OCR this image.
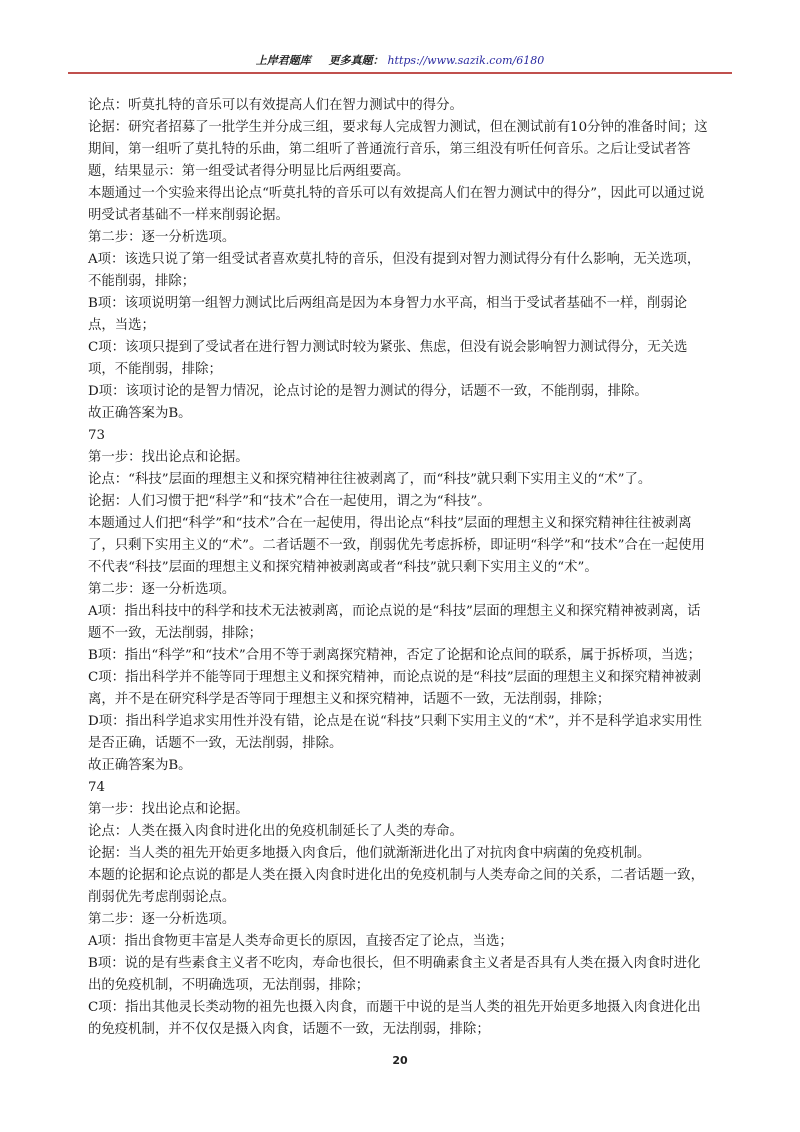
上岸君题库 更多真题： https://www.sazik.com/6180

论点：听莫扎特的音乐可以有效提高人们在智力测试中的得分。

论据：研究者招募了一批学生并分成三组，要求每人完成智力测试，但在测试前有10分钟的准备时间；这期间，第一组听了莫扎特的乐曲，第二组听了普通流行音乐，第三组没有听任何音乐。之后让受试者答题，结果显示：第一组受试者得分明显比后两组要高。

本题通过一个实验来得出论点“听莫扎特的音乐可以有效提高人们在智力测试中的得分”，因此可以通过说明受试者基础不一样来削弱论据。

第二步：逐一分析选项。

A项：该选只说了第一组受试者喜欢莫扎特的音乐，但没有提到对智力测试得分有什么影响，无关选项，不能削弱，排除；

B项：该项说明第一组智力测试比后两组高是因为本身智力水平高，相当于受试者基础不一样，削弱论点，当选；

C项：该项只提到了受试者在进行智力测试时较为紧张、焦虑，但没有说会影响智力测试得分，无关选项，不能削弱，排除；

D项：该项讨论的是智力情况，论点讨论的是智力测试的得分，话题不一致，不能削弱，排除。

故正确答案为B。

73

第一步：找出论点和论据。

论点：“科技”层面的理想主义和探究精神往往被剥离了，而“科技”就只剩下实用主义的“术”了。

论据：人们习惯于把“科学”和“技术”合在一起使用，谓之为“科技”。

本题通过人们把“科学”和“技术”合在一起使用，得出论点“科技”层面的理想主义和探究精神往往被剥离了，只剩下实用主义的“术”。二者话题不一致，削弱优先考虑拆桥，即证明“科学”和“技术”合在一起使用不代表“科技”层面的理想主义和探究精神被剥离或者“科技”就只剩下实用主义的“术”。

第二步：逐一分析选项。

A项：指出科技中的科学和技术无法被剥离，而论点说的是“科技”层面的理想主义和探究精神被剥离，话题不一致，无法削弱，排除；

B项：指出“科学”和“技术”合用不等于剥离探究精神，否定了论据和论点间的联系，属于拆桥项，当选；

C项：指出科学并不能等同于理想主义和探究精神，而论点说的是“科技”层面的理想主义和探究精神被剥离，并不是在研究科学是否等同于理想主义和探究精神，话题不一致，无法削弱，排除；

D项：指出科学追求实用性并没有错，论点是在说“科技”只剩下实用主义的“术”，并不是科学追求实用性是否正确，话题不一致，无法削弱，排除。

故正确答案为B。

74

第一步：找出论点和论据。

论点：人类在摄入肉食时进化出的免疫机制延长了人类的寿命。

论据：当人类的祖先开始更多地摄入肉食后，他们就渐渐进化出了对抗肉食中病菌的免疫机制。

本题的论据和论点说的都是人类在摄入肉食时进化出的免疫机制与人类寿命之间的关系，二者话题一致，削弱优先考虑削弱论点。

第二步：逐一分析选项。

A项：指出食物更丰富是人类寿命更长的原因，直接否定了论点，当选；

B项：说的是有些素食主义者不吃肉，寿命也很长，但不明确素食主义者是否具有人类在摄入肉食时进化出的免疫机制，不明确选项，无法削弱，排除；

C项：指出其他灵长类动物的祖先也摄入肉食，而题干中说的是当人类的祖先开始更多地摄入肉食进化出的免疫机制，并不仅仅是摄入肉食，话题不一致，无法削弱，排除；

20
